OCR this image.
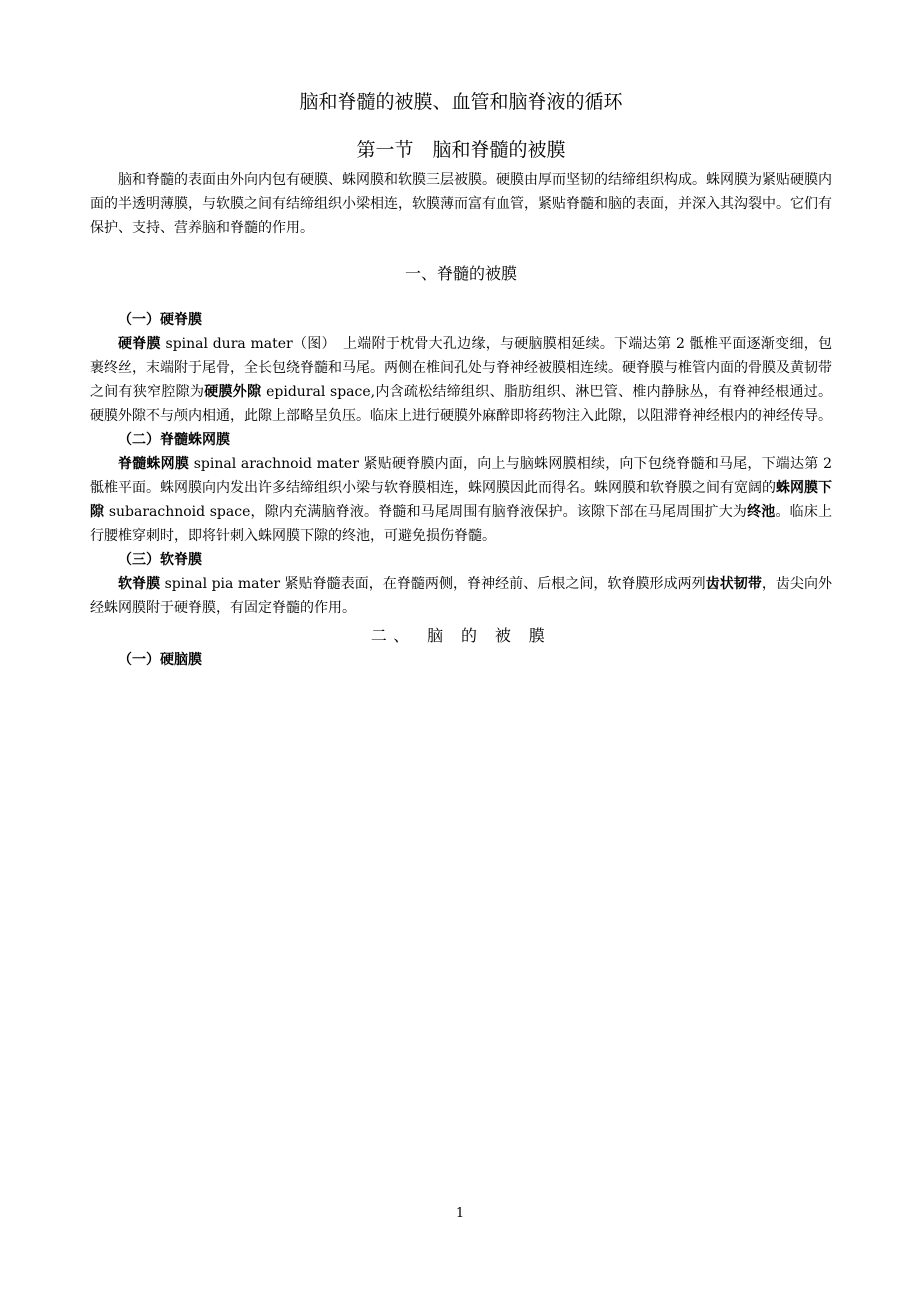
脑和脊髓的被膜、血管和脑脊液的循环
第一节　脑和脊髓的被膜

脑和脊髓的表面由外向内包有硬膜、蛛网膜和软膜三层被膜。硬膜由厚而坚韧的结缔组织构成。蛛网膜为紧贴硬膜内面的半透明薄膜，与软膜之间有结缔组织小梁相连，软膜薄而富有血管，紧贴脊髓和脑的表面，并深入其沟裂中。它们有保护、支持、营养脑和脊髓的作用。

一、脊髓的被膜
（一）硬脊膜

硬脊膜 spinal dura mater（图）　上端附于枕骨大孔边缘，与硬脑膜相延续。下端达第 2 骶椎平面逐渐变细，包裹终丝，末端附于尾骨，全长包绕脊髓和马尾。两侧在椎间孔处与脊神经被膜相连续。硬脊膜与椎管内面的骨膜及黄韧带之间有狭窄腔隙为硬膜外隙 epidural space,内含疏松结缔组织、脂肪组织、淋巴管、椎内静脉丛，有脊神经根通过。硬膜外隙不与颅内相通，此隙上部略呈负压。临床上进行硬膜外麻醉即将药物注入此隙，以阻滞脊神经根内的神经传导。

（二）脊髓蛛网膜

脊髓蛛网膜 spinal arachnoid mater 紧贴硬脊膜内面，向上与脑蛛网膜相续，向下包绕脊髓和马尾，下端达第 2 骶椎平面。蛛网膜向内发出许多结缔组织小梁与软脊膜相连，蛛网膜因此而得名。蛛网膜和软脊膜之间有宽阔的蛛网膜下隙 subarachnoid space，隙内充满脑脊液。脊髓和马尾周围有脑脊液保护。该隙下部在马尾周围扩大为终池。临床上行腰椎穿刺时，即将针刺入蛛网膜下隙的终池，可避免损伤脊髓。

（三）软脊膜

软脊膜 spinal pia mater 紧贴脊髓表面，在脊髓两侧，脊神经前、后根之间，软脊膜形成两列齿状韧带，齿尖向外经蛛网膜附于硬脊膜，有固定脊髓的作用。

二、 脑 的 被 膜
（一）硬脑膜
1
